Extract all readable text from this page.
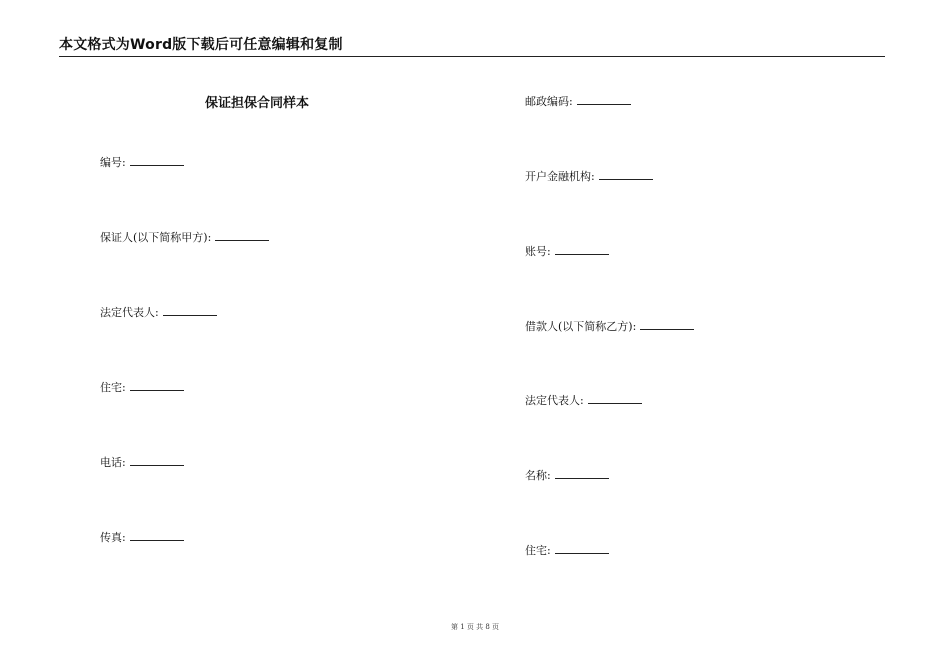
本文格式为Word版下载后可任意编辑和复制
保证担保合同样本
编号:
保证人(以下简称甲方):
法定代表人:
住宅:
电话:
传真:
邮政编码:
开户金融机构:
账号:
借款人(以下简称乙方):
法定代表人:
名称:
住宅:
第 1 页 共 8 页
